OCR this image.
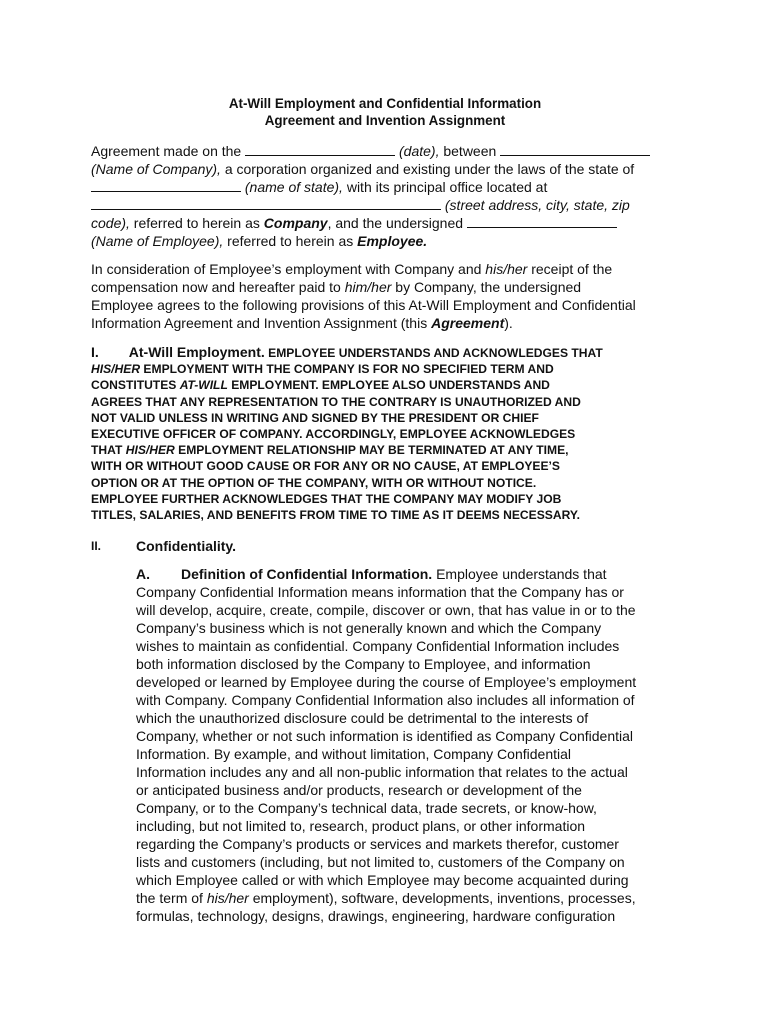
At-Will Employment and Confidential Information
Agreement and Invention Assignment
Agreement made on the	(date), between
(Name of Company), a corporation organized and existing under the laws of the state of
(name of state), with its principal office located at
(street address, city, state, zip
code), referred to herein as Company, and the undersigned
(Name of Employee), referred to herein as Employee.
In consideration of Employee’s employment with Company and his/her receipt of the
compensation now and hereafter paid to him/her by Company, the undersigned
Employee agrees to the following provisions of this At-Will Employment and Confidential
Information Agreement and Invention Assignment (this Agreement).
I. At-Will Employment. EMPLOYEE UNDERSTANDS AND ACKNOWLEDGES THAT
HIS/HER EMPLOYMENT WITH THE COMPANY IS FOR NO SPECIFIED TERM AND
CONSTITUTES AT-WILL EMPLOYMENT. EMPLOYEE ALSO UNDERSTANDS AND
AGREES THAT ANY REPRESENTATION TO THE CONTRARY IS UNAUTHORIZED AND
NOT VALID UNLESS IN WRITING AND SIGNED BY THE PRESIDENT OR CHIEF
EXECUTIVE OFFICER OF COMPANY. ACCORDINGLY, EMPLOYEE ACKNOWLEDGES
THAT HIS/HER EMPLOYMENT RELATIONSHIP MAY BE TERMINATED AT ANY TIME,
WITH OR WITHOUT GOOD CAUSE OR FOR ANY OR NO CAUSE, AT EMPLOYEE’S
OPTION OR AT THE OPTION OF THE COMPANY, WITH OR WITHOUT NOTICE.
EMPLOYEE FURTHER ACKNOWLEDGES THAT THE COMPANY MAY MODIFY JOB
TITLES, SALARIES, AND BENEFITS FROM TIME TO TIME AS IT DEEMS NECESSARY.
II. Confidentiality.
A. Definition of Confidential Information. Employee understands that
Company Confidential Information means information that the Company has or
will develop, acquire, create, compile, discover or own, that has value in or to the
Company’s business which is not generally known and which the Company
wishes to maintain as confidential. Company Confidential Information includes
both information disclosed by the Company to Employee, and information
developed or learned by Employee during the course of Employee’s employment
with Company. Company Confidential Information also includes all information of
which the unauthorized disclosure could be detrimental to the interests of
Company, whether or not such information is identified as Company Confidential
Information. By example, and without limitation, Company Confidential
Information includes any and all non-public information that relates to the actual
or anticipated business and/or products, research or development of the
Company, or to the Company’s technical data, trade secrets, or know-how,
including, but not limited to, research, product plans, or other information
regarding the Company’s products or services and markets therefor, customer
lists and customers (including, but not limited to, customers of the Company on
which Employee called or with which Employee may become acquainted during
the term of his/her employment), software, developments, inventions, processes,
formulas, technology, designs, drawings, engineering, hardware configuration
